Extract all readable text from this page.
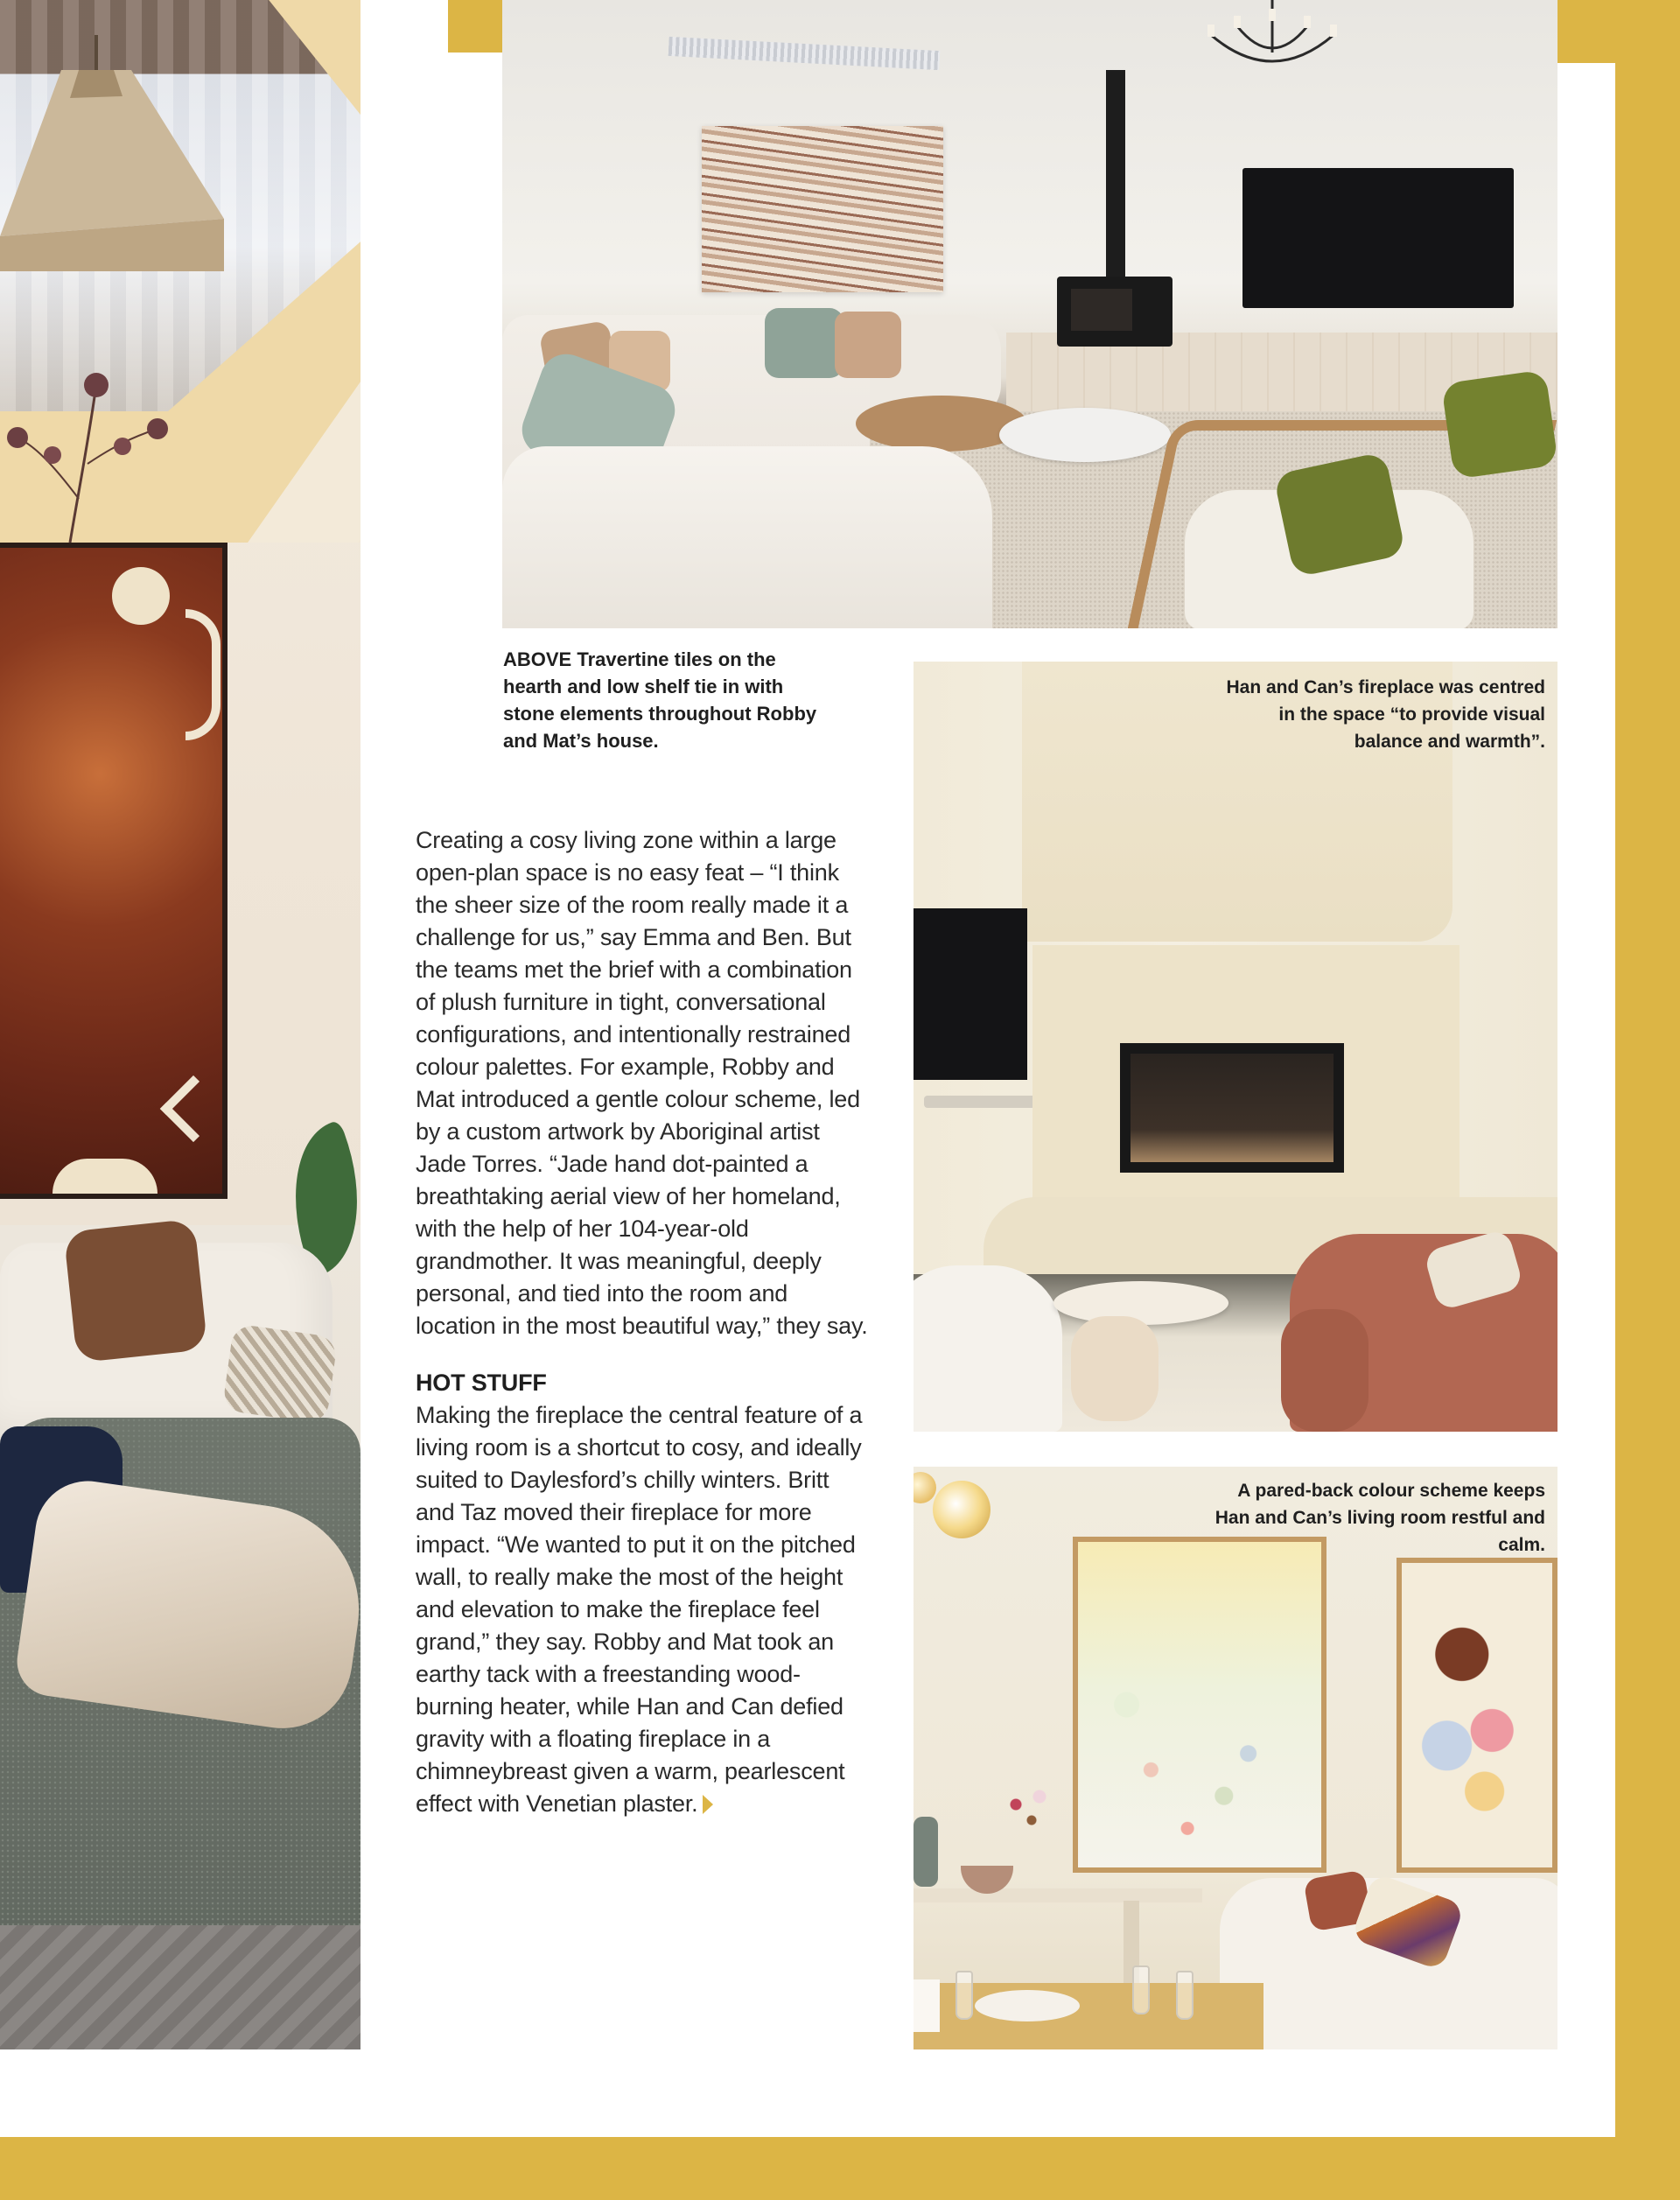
ABOVE Travertine tiles on the hearth and low shelf tie in with stone elements throughout Robby and Mat’s house.

Han and Can’s fireplace was centred in the space “to provide visual balance and warmth”.

A pared-back colour scheme keeps Han and Can’s living room restful and calm.

Creating a cosy living zone within a large open-plan space is no easy feat – “I think the sheer size of the room really made it a challenge for us,” say Emma and Ben. But the teams met the brief with a combination of plush furniture in tight, conversational configurations, and intentionally restrained colour palettes. For example, Robby and Mat introduced a gentle colour scheme, led by a custom artwork by Aboriginal artist Jade Torres. “Jade hand dot-painted a breathtaking aerial view of her homeland, with the help of her 104-year-old grandmother. It was meaningful, deeply personal, and tied into the room and location in the most beautiful way,” they say.

HOT STUFF

Making the fireplace the central feature of a living room is a shortcut to cosy, and ideally suited to Daylesford’s chilly winters. Britt and Taz moved their fireplace for more impact. “We wanted to put it on the pitched wall, to really make the most of the height and elevation to make the fireplace feel grand,” they say. Robby and Mat took an earthy tack with a freestanding wood-burning heater, while Han and Can defied gravity with a floating fireplace in a chimneybreast given a warm, pearlescent effect with Venetian plaster.
